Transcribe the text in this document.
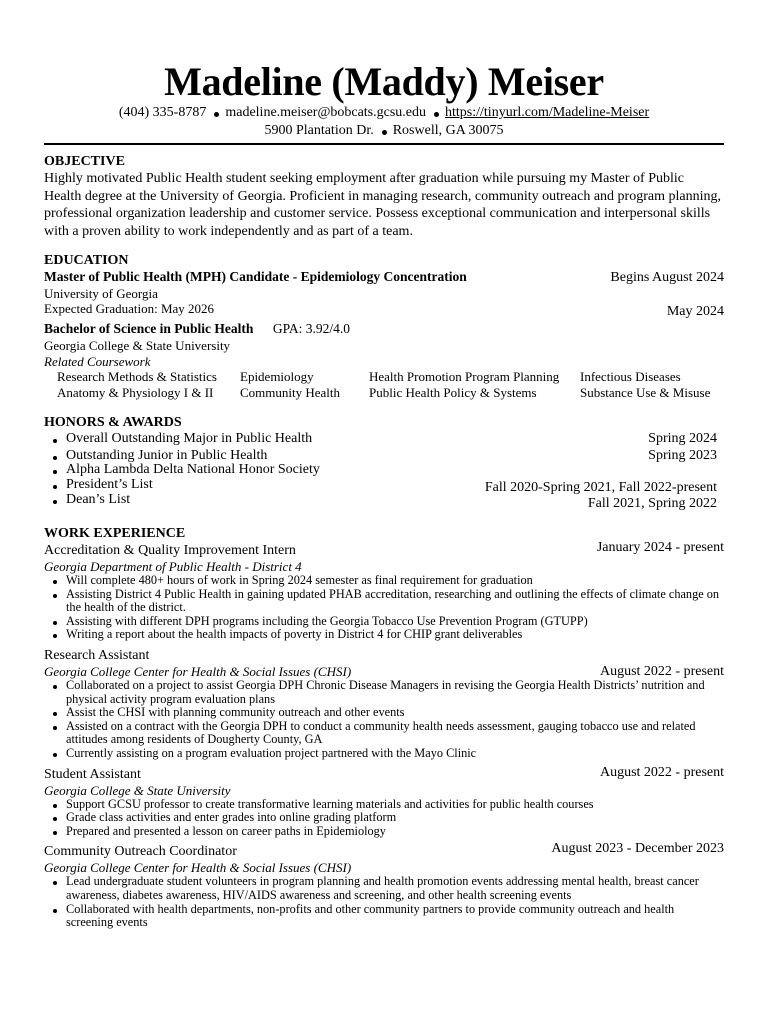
Madeline (Maddy) Meiser
(404) 335-8787 madeline.meiser@bobcats.gcsu.edu https://tinyurl.com/Madeline-Meiser
5900 Plantation Dr. Roswell, GA 30075
OBJECTIVE
Highly motivated Public Health student seeking employment after graduation while pursuing my Master of Public Health degree at the University of Georgia. Proficient in managing research, community outreach and program planning, professional organization leadership and customer service. Possess exceptional communication and interpersonal skills with a proven ability to work independently and as part of a team.
EDUCATION
Master of Public Health (MPH) Candidate - Epidemiology Concentration	Begins August 2024
University of Georgia
Expected Graduation: May 2026	May 2024
Bachelor of Science in Public Health GPA: 3.92/4.0
Georgia College & State University
Related Coursework
Research Methods & Statistics	Epidemiology	Health Promotion Program Planning	Infectious Diseases
Anatomy & Physiology I & II	Community Health	Public Health Policy & Systems	Substance Use & Misuse
HONORS & AWARDS
Overall Outstanding Major in Public Health	Spring 2024
Outstanding Junior in Public Health	Spring 2023
Alpha Lambda Delta National Honor Society
President’s List	Fall 2020-Spring 2021, Fall 2022-present
Dean’s List	Fall 2021, Spring 2022
WORK EXPERIENCE
Accreditation & Quality Improvement Intern	January 2024 - present
Georgia Department of Public Health - District 4
Will complete 480+ hours of work in Spring 2024 semester as final requirement for graduation
Assisting District 4 Public Health in gaining updated PHAB accreditation, researching and outlining the effects of climate change on the health of the district.
Assisting with different DPH programs including the Georgia Tobacco Use Prevention Program (GTUPP)
Writing a report about the health impacts of poverty in District 4 for CHIP grant deliverables
Research Assistant
Georgia College Center for Health & Social Issues (CHSI)	August 2022 - present
Collaborated on a project to assist Georgia DPH Chronic Disease Managers in revising the Georgia Health Districts’ nutrition and physical activity program evaluation plans
Assist the CHSI with planning community outreach and other events
Assisted on a contract with the Georgia DPH to conduct a community health needs assessment, gauging tobacco use and related attitudes among residents of Dougherty County, GA
Currently assisting on a program evaluation project partnered with the Mayo Clinic
Student Assistant	August 2022 - present
Georgia College & State University
Support GCSU professor to create transformative learning materials and activities for public health courses
Grade class activities and enter grades into online grading platform
Prepared and presented a lesson on career paths in Epidemiology
Community Outreach Coordinator	August 2023 - December 2023
Georgia College Center for Health & Social Issues (CHSI)
Lead undergraduate student volunteers in program planning and health promotion events addressing mental health, breast cancer awareness, diabetes awareness, HIV/AIDS awareness and screening, and other health screening events
Collaborated with health departments, non-profits and other community partners to provide community outreach and health screening events
